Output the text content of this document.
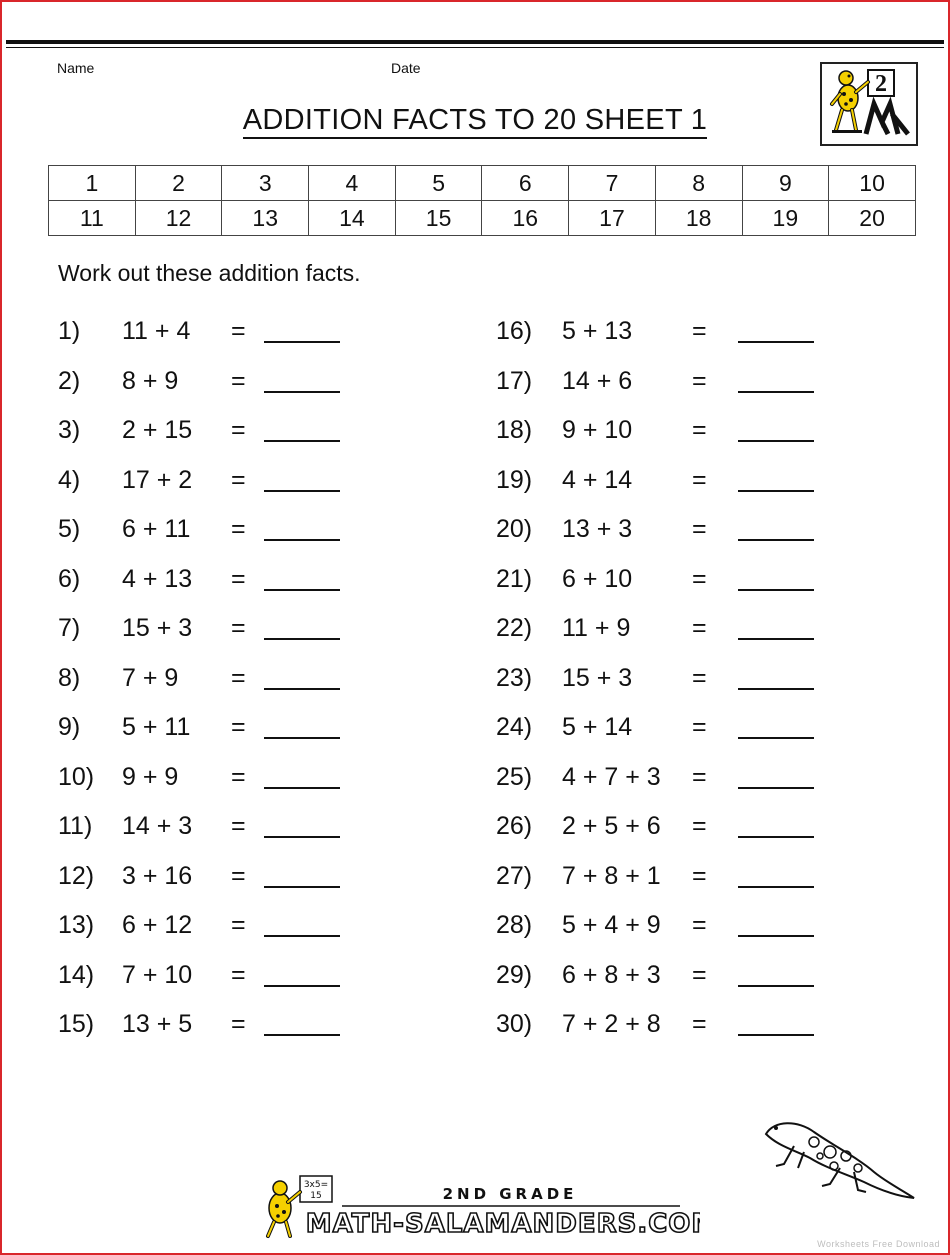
Name	Date
2
ADDITION FACTS TO 20 SHEET 1
1	2	3	4	5	6	7	8	9	10
11	12	13	14	15	16	17	18	19	20
Work out these addition facts.
1) 11 + 4 =
2) 8 + 9 =
3) 2 + 15 =
4) 17 + 2 =
5) 6 + 11 =
6) 4 + 13 =
7) 15 + 3 =
8) 7 + 9 =
9) 5 + 11 =
10) 9 + 9 =
11) 14 + 3 =
12) 3 + 16 =
13) 6 + 12 =
14) 7 + 10 =
15) 13 + 5 =
16) 5 + 13 =
17) 14 + 6 =
18) 9 + 10 =
19) 4 + 14 =
20) 13 + 3 =
21) 6 + 10 =
22) 11 + 9 =
23) 15 + 3 =
24) 5 + 14 =
25) 4 + 7 + 3 =
26) 2 + 5 + 6 =
27) 7 + 8 + 1 =
28) 5 + 4 + 9 =
29) 6 + 8 + 3 =
30) 7 + 2 + 8 =
3x5=
15	2ND GRADE
MATH-SALAMANDERS.COM
Worksheets Free Download
